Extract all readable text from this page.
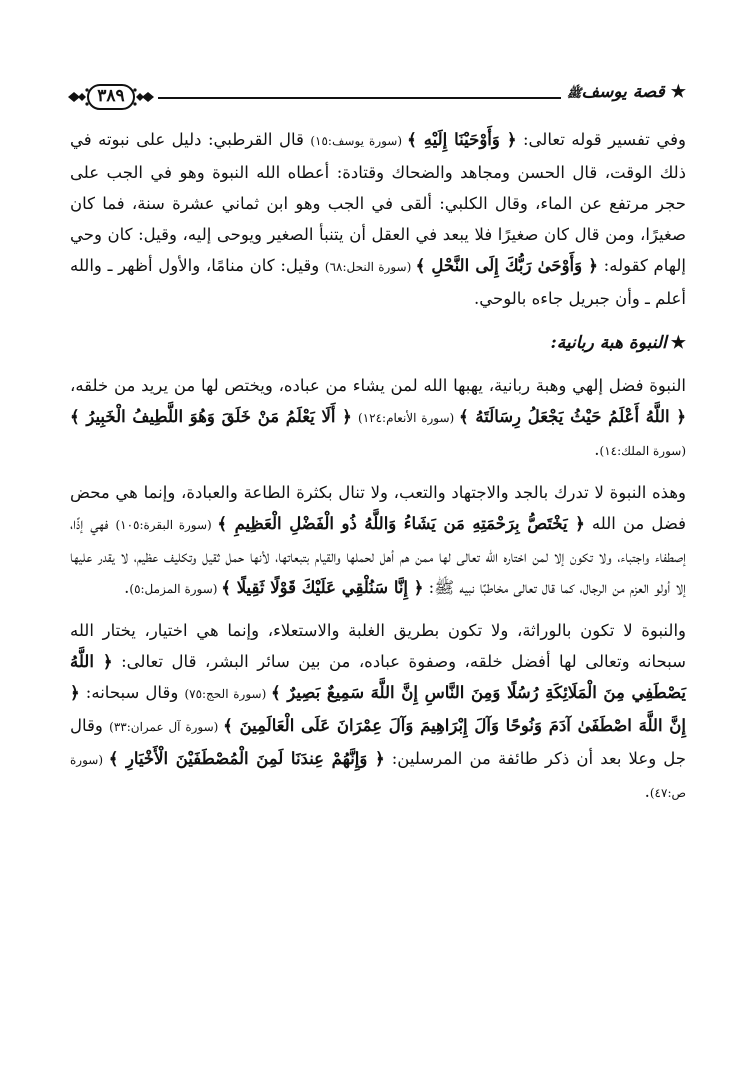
★قصة يوسفﷺ
٣٨٩

وفي تفسير قوله تعالى: ﴿ وَأَوْحَيْنَا إِلَيْهِ ﴾ (سورة يوسف:١٥) قال القرطبي: دليل على نبوته في ذلك الوقت، قال الحسن ومجاهد والضحاك وقتادة: أعطاه الله النبوة وهو في الجب على حجر مرتفع عن الماء، وقال الكلبي: ألقى في الجب وهو ابن ثماني عشرة سنة، فما كان صغيرًا، ومن قال كان صغيرًا فلا يبعد في العقل أن يتنبأ الصغير ويوحى إليه، وقيل: كان وحي إلهام كقوله: ﴿ وَأَوْحَىٰ رَبُّكَ إِلَى النَّحْلِ ﴾ (سورة النحل:٦٨) وقيل: كان منامًا، والأول أظهر ـ والله أعلم ـ وأن جبريل جاءه بالوحي.

★النبوة هبة ربانية:

النبوة فضل إلهي وهبة ربانية، يهبها الله لمن يشاء من عباده، ويختص لها من يريد من خلقه، ﴿ اللَّهُ أَعْلَمُ حَيْثُ يَجْعَلُ رِسَالَتَهُ ﴾ (سورة الأنعام:١٢٤) ﴿ أَلَا يَعْلَمُ مَنْ خَلَقَ وَهُوَ اللَّطِيفُ الْخَبِيرُ ﴾ (سورة الملك:١٤).

وهذه النبوة لا تدرك بالجد والاجتهاد والتعب، ولا تنال بكثرة الطاعة والعبادة، وإنما هي محض فضل من الله ﴿ يَخْتَصُّ بِرَحْمَتِهِ مَن يَشَاءُ وَاللَّهُ ذُو الْفَضْلِ الْعَظِيمِ ﴾ (سورة البقرة:١٠٥) فهي إذًا، إصطفاء واجتباء، ولا تكون إلا لمن اختاره الله تعالى لها ممن هم أهل لحملها والقيام بتبعاتها، لأنها حمل ثقيل وتكليف عظيم، لا يقدر عليها إلا أولو العزم من الرجال، كما قال تعالى مخاطبًا نبيه ﷺ: ﴿ إِنَّا سَنُلْقِي عَلَيْكَ قَوْلًا ثَقِيلًا ﴾ (سورة المزمل:٥).

والنبوة لا تكون بالوراثة، ولا تكون بطريق الغلبة والاستعلاء، وإنما هي اختيار، يختار الله سبحانه وتعالى لها أفضل خلقه، وصفوة عباده، من بين سائر البشر، قال تعالى: ﴿ اللَّهُ يَصْطَفِي مِنَ الْمَلَائِكَةِ رُسُلًا وَمِنَ النَّاسِ إِنَّ اللَّهَ سَمِيعٌ بَصِيرٌ ﴾ (سورة الحج:٧٥) وقال سبحانه: ﴿ إِنَّ اللَّهَ اصْطَفَىٰ آدَمَ وَنُوحًا وَآلَ إِبْرَاهِيمَ وَآلَ عِمْرَانَ عَلَى الْعَالَمِينَ ﴾ (سورة آل عمران:٣٣) وقال جل وعلا بعد أن ذكر طائفة من المرسلين: ﴿ وَإِنَّهُمْ عِندَنَا لَمِنَ الْمُصْطَفَيْنَ الْأَخْيَارِ ﴾ (سورة ص:٤٧).
